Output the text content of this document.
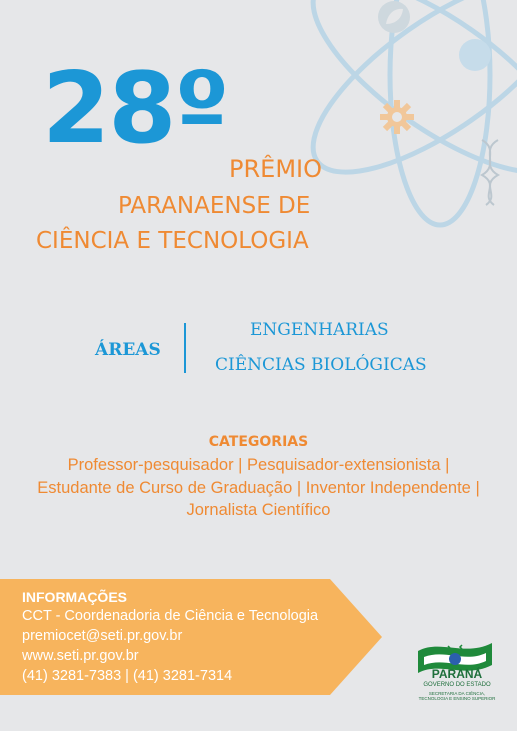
28º
PRÊMIO
PARANAENSE DE
CIÊNCIA E TECNOLOGIA
ÁREAS
ENGENHARIAS
CIÊNCIAS BIOLÓGICAS
CATEGORIAS
Professor-pesquisador | Pesquisador-extensionista |
Estudante de Curso de Graduação | Inventor Independente |
Jornalista Científico
INFORMAÇÕES
CCT - Coordenadoria de Ciência e Tecnologia
premiocet@seti.pr.gov.br
www.seti.pr.gov.br
(41) 3281-7383 | (41) 3281-7314	PARANÁ
GOVERNO DO ESTADO
SECRETARIA DA CIÊNCIA, TECNOLOGIA E ENSINO SUPERIOR
